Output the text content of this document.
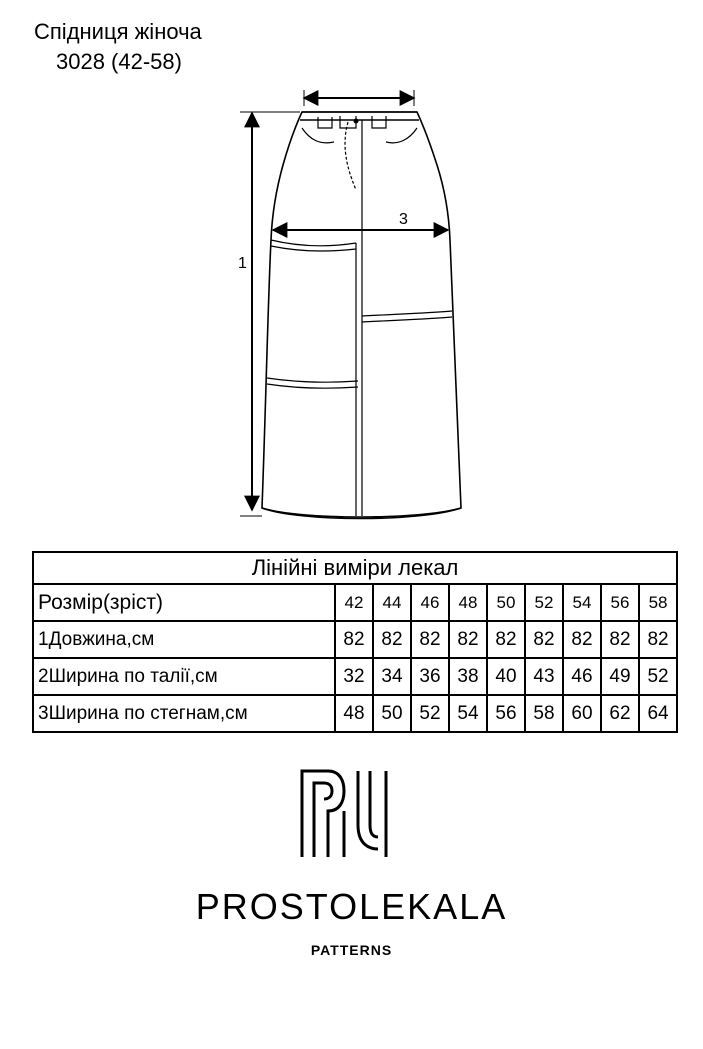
Спідниця жіноча
3028 (42-58)
1
3
Лінійні виміри лекал									
Розмір(зріст)	42	44	46	48	50	52	54	56	58
1Довжина,см	82	82	82	82	82	82	82	82	82
2Ширина по талії,см	32	34	36	38	40	43	46	49	52
3Ширина по стегнам,см	48	50	52	54	56	58	60	62	64
PROSTOLEKALA
PATTERNS
